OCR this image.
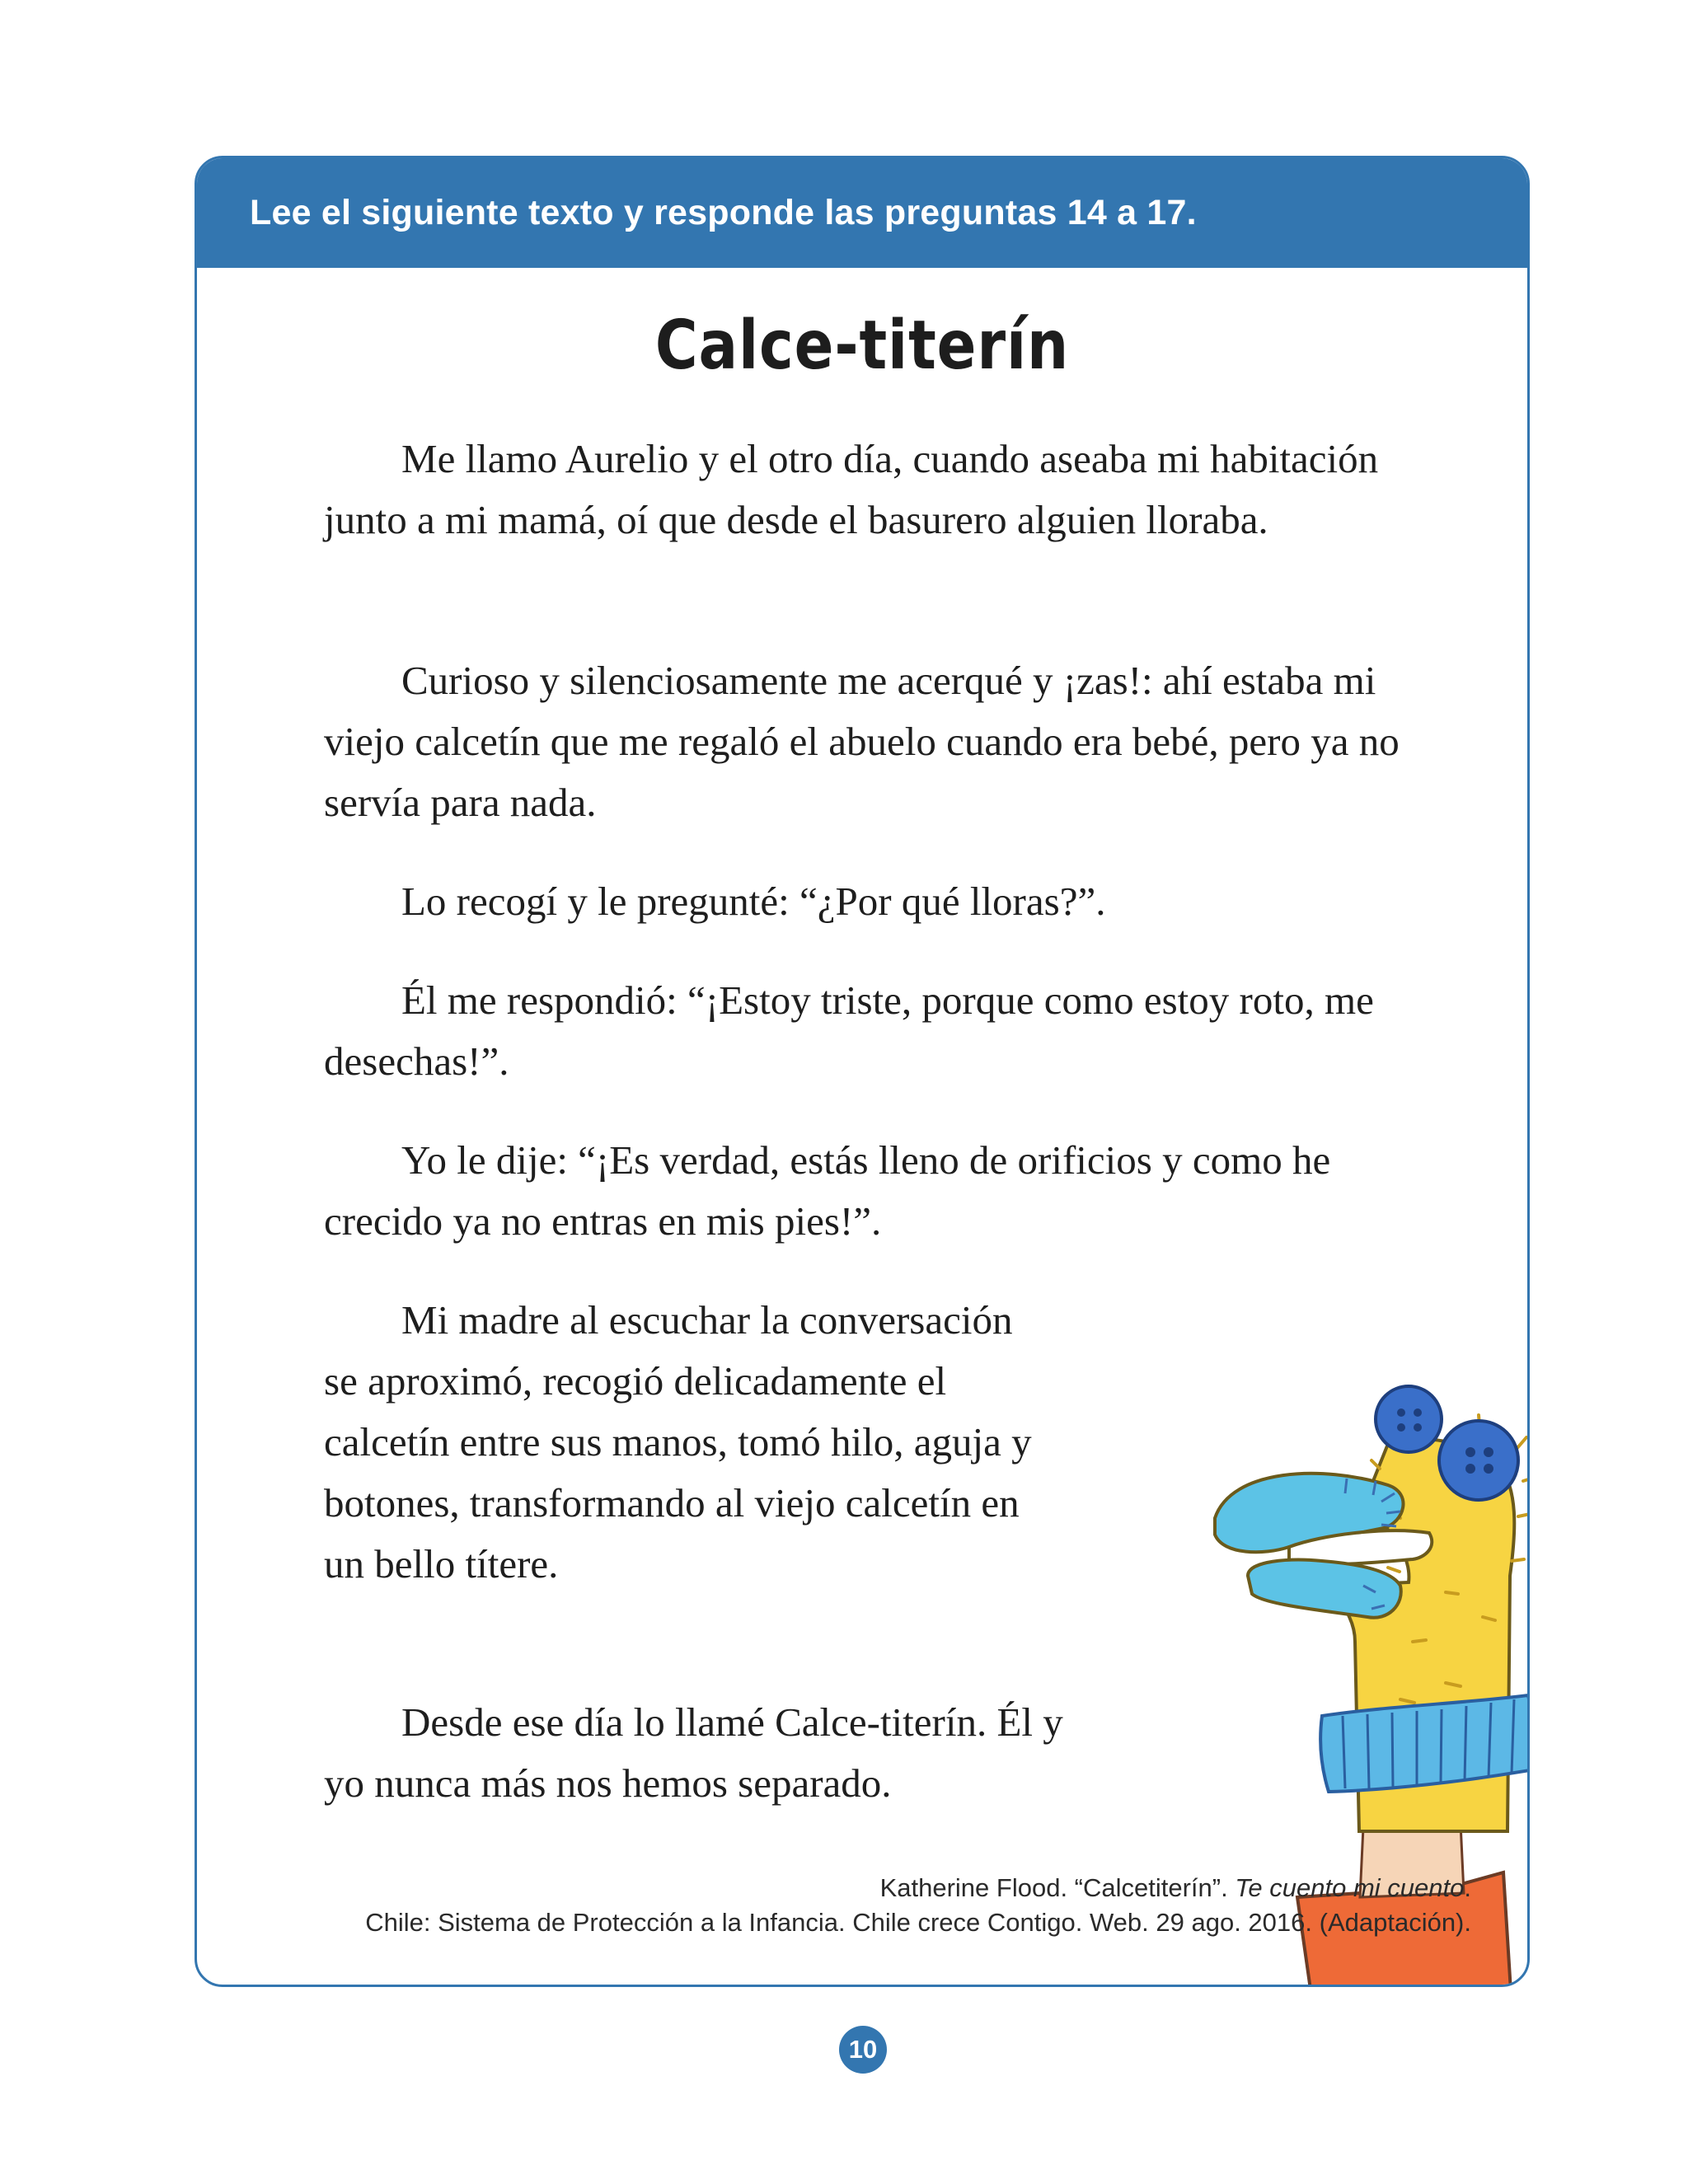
Lee el siguiente texto y responde las preguntas 14 a 17.
Calce-titerín

Me llamo Aurelio y el otro día, cuando aseaba mi habitación junto a mi mamá, oí que desde el basurero alguien lloraba.

Curioso y silenciosamente me acerqué y ¡zas!: ahí estaba mi viejo calcetín que me regaló el abuelo cuando era bebé, pero ya no servía para nada.

Lo recogí y le pregunté: “¿Por qué lloras?”.

Él me respondió: “¡Estoy triste, porque como estoy roto, me desechas!”.

Yo le dije: “¡Es verdad, estás lleno de orificios y como he crecido ya no entras en mis pies!”.

Mi madre al escuchar la conversación se aproximó, recogió delicadamente el calcetín entre sus manos, tomó hilo, aguja y botones, transformando al viejo calcetín en un bello títere.

Desde ese día lo llamé Calce-titerín. Él y yo nunca más nos hemos separado.

Katherine Flood. “Calcetiterín”. Te cuento mi cuento.
Chile: Sistema de Protección a la Infancia. Chile crece Contigo. Web. 29 ago. 2016. (Adaptación).
10
